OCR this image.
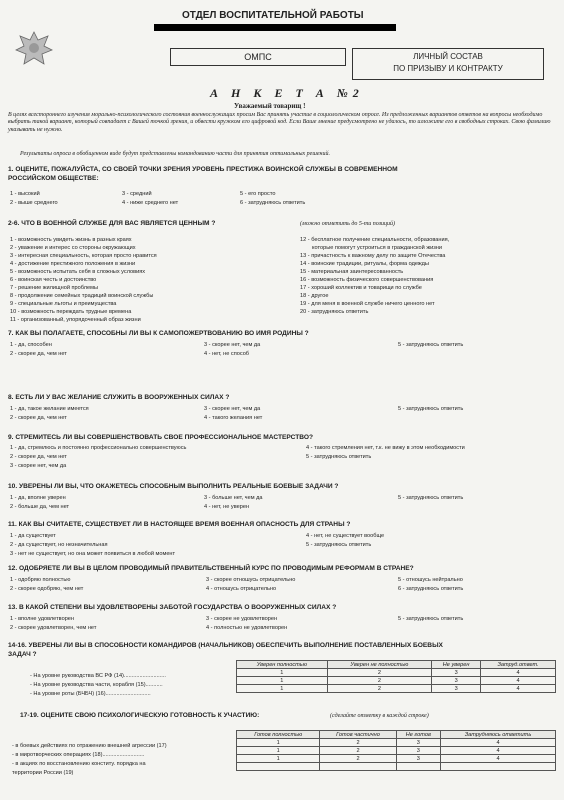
ОТДЕЛ ВОСПИТАТЕЛЬНОЙ РАБОТЫ
ОМПС	ЛИЧНЫЙ СОСТАВ
ПО ПРИЗЫВУ И КОНТРАКТУ
А Н К Е Т А №2
Уважаемый товарищ !
В целях всестороннего изучения морально-психологического состояния военнослужащих просим Вас принять участие в социологическом опросе. Из предложенных вариантов ответов на вопросы необходимо выбрать такой вариант, который совпадает с Вашей точкой зрения, и обвести кружком его цифровой код. Если Ваше мнение предусмотрено не удалось, то изложите его в свободных строках. Свою фамилию указывать не нужно.
Результаты опроса в обобщенном виде будут представлены командованию части для принятия оптимальных решений.
1. ОЦЕНИТЕ, ПОЖАЛУЙСТА, СО СВОЕЙ ТОЧКИ ЗРЕНИЯ УРОВЕНЬ ПРЕСТИЖА ВОИНСКОЙ СЛУЖБЫ В СОВРЕМЕННОМ
РОССИЙСКОМ ОБЩЕСТВЕ:
1 - высокий
2 - выше среднего
3 - средний
4 - ниже среднего нет
5 - его просто
6 - затрудняюсь ответить
2-6. ЧТО В ВОЕННОЙ СЛУЖБЕ ДЛЯ ВАС ЯВЛЯЕТСЯ ЦЕННЫМ ?	(можно отметить до 5-ти позиций)
1 - возможность увидеть жизнь в разных краях
2 - уважение и интерес со стороны окружающих
3 - интересная специальность, которая просто нравится
4 - достижение престижного положения в жизни
5 - возможность испытать себя в сложных условиях
6 - воинская честь и достоинство
7 - решение жилищной проблемы
8 - продолжение семейных традиций воинской службы
9 - специальные льготы и преимущества
10 - возможность переждать трудные времена
11 - организованный, упорядоченный образ жизни
12 - бесплатное получение специальности, образования,
которые помогут устроиться в гражданской жизни
13 - причастность к важному делу по защите Отечества
14 - воинские традиции, ритуалы, форма одежды
15 - материальная заинтересованность
16 - возможность физического совершенствования
17 - хороший коллектив и товарищи по службе
18 - другое
19 - для меня в военной службе ничего ценного нет
20 - затрудняюсь ответить
7. КАК ВЫ ПОЛАГАЕТЕ, СПОСОБНЫ ЛИ ВЫ К САМОПОЖЕРТВОВАНИЮ ВО ИМЯ РОДИНЫ ?
1 - да, способен
2 - скорее да, чем нет
3 - скорее нет, чем да
4 - нет, не способ
5 - затрудняюсь ответить
8. ЕСТЬ ЛИ У ВАС ЖЕЛАНИЕ СЛУЖИТЬ В ВООРУЖЕННЫХ СИЛАХ ?
1 - да, такое желание имеется
2 - скорее да, чем нет
3 - скорее нет, чем да
4 - такого желания нет
5 - затрудняюсь ответить
9. СТРЕМИТЕСЬ ЛИ ВЫ СОВЕРШЕНСТВОВАТЬ СВОЕ ПРОФЕССИОНАЛЬНОЕ МАСТЕРСТВО?
1 - да, стремлюсь и постоянно профессионально совершенствуюсь
2 - скорее да, чем нет
3 - скорее нет, чем да
4 - такого стремления нет, т.к. не вижу в этом необходимости
5 - затрудняюсь ответить
10. УВЕРЕНЫ ЛИ ВЫ, ЧТО ОКАЖЕТЕСЬ СПОСОБНЫМ ВЫПОЛНИТЬ РЕАЛЬНЫЕ БОЕВЫЕ ЗАДАЧИ ?
1 - да, вполне уверен
2 - больше да, чем нет
3 - больше нет, чем да
4 - нет, не уверен
5 - затрудняюсь ответить
11. КАК ВЫ СЧИТАЕТЕ, СУЩЕСТВУЕТ ЛИ В НАСТОЯЩЕЕ ВРЕМЯ ВОЕННАЯ ОПАСНОСТЬ ДЛЯ СТРАНЫ ?
1 - да существует
2 - да существует, но незначительная
3 - нет не существует, но она может появиться в любой момент
4 - нет, не существует вообще
5 - затрудняюсь ответить
12. ОДОБРЯЕТЕ ЛИ ВЫ В ЦЕЛОМ ПРОВОДИМЫЙ ПРАВИТЕЛЬСТВЕННЫЙ КУРС ПО ПРОВОДИМЫМ РЕФОРМАМ В СТРАНЕ?
1 - одобряю полностью
2 - скорее одобряю, чем нет
3 - скорее отношусь отрицательно
4 - отношусь отрицательно
5 - отношусь нейтрально
6 - затрудняюсь ответить
13. В КАКОЙ СТЕПЕНИ ВЫ УДОВЛЕТВОРЕНЫ ЗАБОТОЙ ГОСУДАРСТВА О ВООРУЖЕННЫХ СИЛАХ ?
1 - вполне удовлетворен
2 - скорее удовлетворен, чем нет
3 - скорее не удовлетворен
4 - полностью не удовлетворен
5 - затрудняюсь ответить
14-16. УВЕРЕНЫ ЛИ ВЫ В СПОСОБНОСТИ КОМАНДИРОВ (НАЧАЛЬНИКОВ) ОБЕСПЕЧИТЬ ВЫПОЛНЕНИЕ ПОСТАВЛЕННЫХ БОЕВЫХ
ЗАДАЧ ?
- На уровне руководства ВС РФ (14)...........................
- На уровне руководства части, корабля (15)...........
- На уровне роты (БЧБЧ) (16).............................
Уверен полностью	Уверен не полностью	Не уверен	Затруд.ответ.
1	2	3	4
1	2	3	4
1	2	3	4
17-19. ОЦЕНИТЕ СВОЮ ПСИХОЛОГИЧЕСКУЮ ГОТОВНОСТЬ К УЧАСТИЮ:	(сделайте отметку в каждой строке)
- в боевых действиях по отражению внешней агрессии (17)
- в миротворческих операциях (18)...........................
- в акциях по восстановлению конститу. порядка на
территории России (19)
Готов полностью	Готов частично	Не готов	Затрудняюсь ответить
1	2	3	4
1	2	3	4
1	2	3	4
